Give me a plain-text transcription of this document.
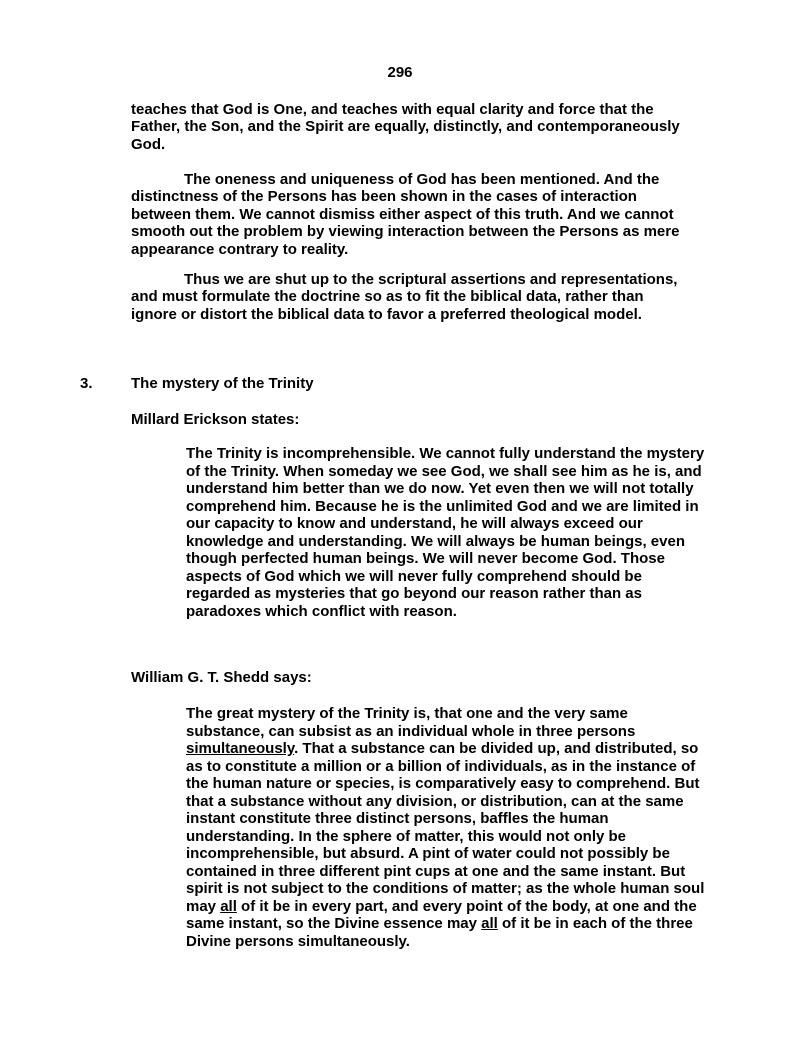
296

teaches that God is One, and teaches with equal clarity and force that the Father, the Son, and the Spirit are equally, distinctly, and contemporaneously God.

The oneness and uniqueness of God has been mentioned. And the distinctness of the Persons has been shown in the cases of interaction between them. We cannot dismiss either aspect of this truth. And we cannot smooth out the problem by viewing interaction between the Persons as mere appearance contrary to reality.

Thus we are shut up to the scriptural assertions and representations, and must formulate the doctrine so as to fit the biblical data, rather than ignore or distort the biblical data to favor a preferred theological model.

3.	The mystery of the Trinity
Millard Erickson states:

The Trinity is incomprehensible. We cannot fully understand the mystery of the Trinity. When someday we see God, we shall see him as he is, and understand him better than we do now. Yet even then we will not totally comprehend him. Because he is the unlimited God and we are limited in our capacity to know and understand, he will always exceed our knowledge and understanding. We will always be human beings, even though perfected human beings. We will never become God. Those aspects of God which we will never fully comprehend should be regarded as mysteries that go beyond our reason rather than as paradoxes which conflict with reason.

William G. T. Shedd says:

The great mystery of the Trinity is, that one and the very same substance, can subsist as an individual whole in three persons simultaneously. That a substance can be divided up, and distributed, so as to constitute a million or a billion of individuals, as in the instance of the human nature or species, is comparatively easy to comprehend. But that a substance without any division, or distribution, can at the same instant constitute three distinct persons, baffles the human understanding. In the sphere of matter, this would not only be incomprehensible, but absurd. A pint of water could not possibly be contained in three different pint cups at one and the same instant. But spirit is not subject to the conditions of matter; as the whole human soul may all of it be in every part, and every point of the body, at one and the same instant, so the Divine essence may all of it be in each of the three Divine persons simultaneously.
